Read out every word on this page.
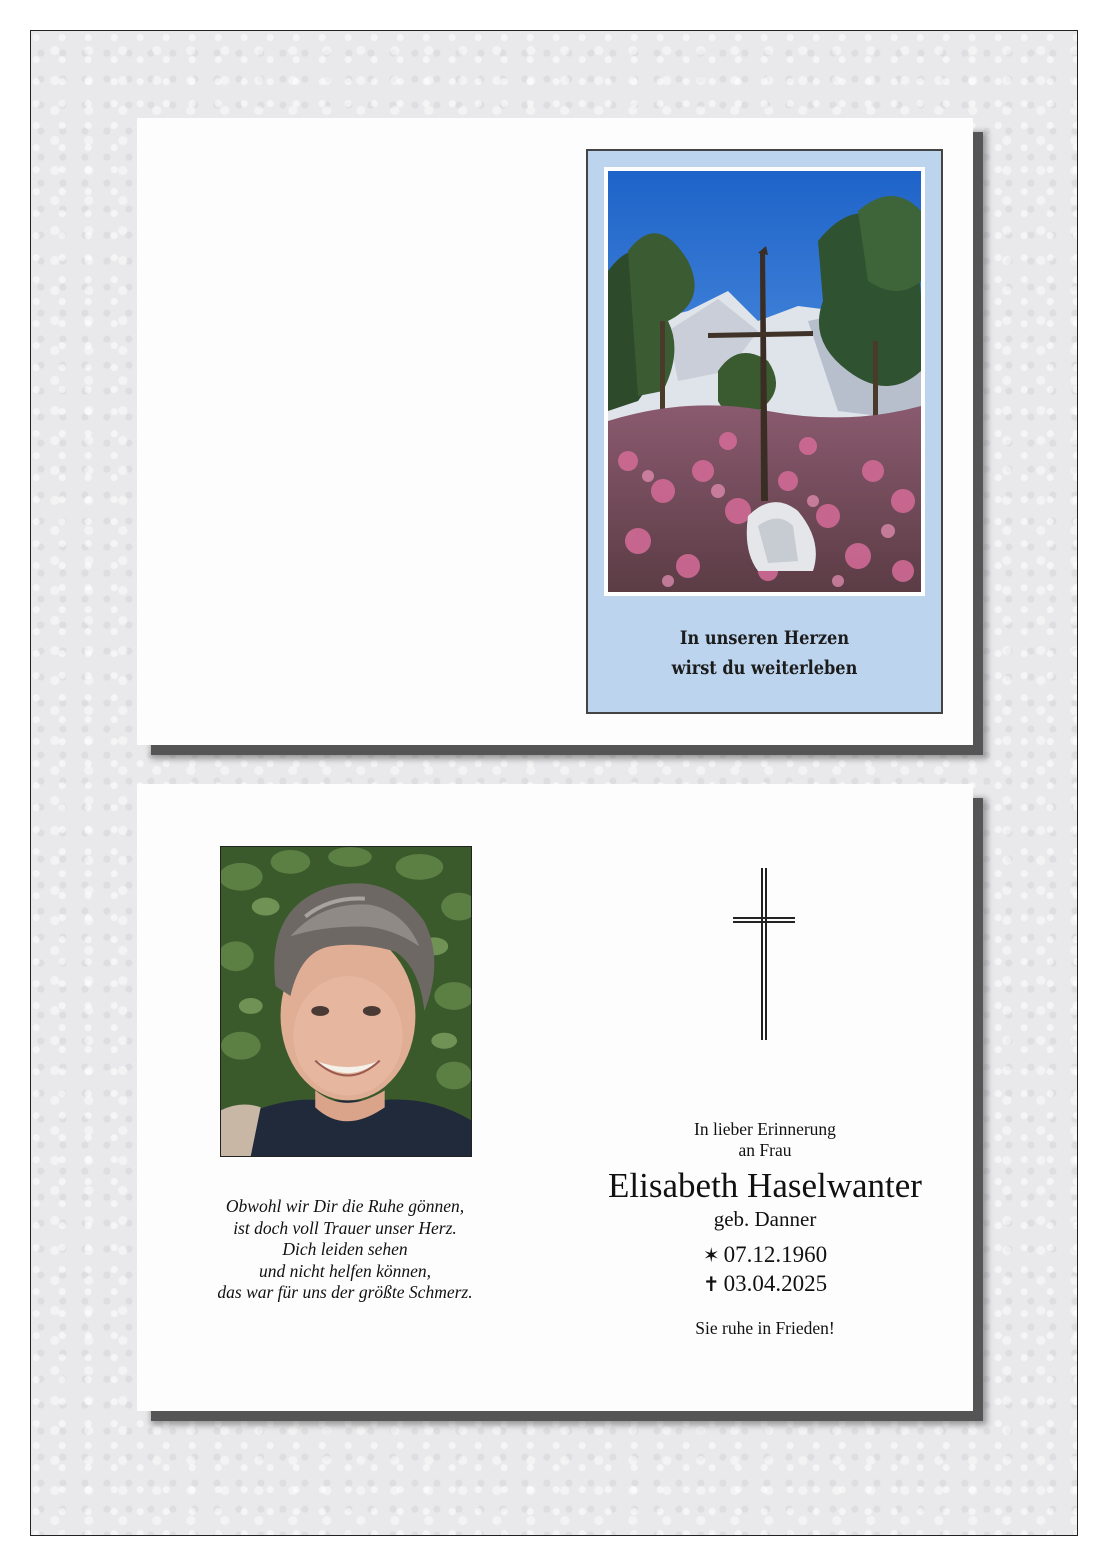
In unseren Herzen
wirst du weiterleben
Obwohl wir Dir die Ruhe gönnen,
ist doch voll Trauer unser Herz.
Dich leiden sehen
und nicht helfen können,
das war für uns der größte Schmerz.
In lieber Erinnerung
an Frau
Elisabeth Haselwanter
geb. Danner
✶ 07.12.1960
✝ 03.04.2025
Sie ruhe in Frieden!
